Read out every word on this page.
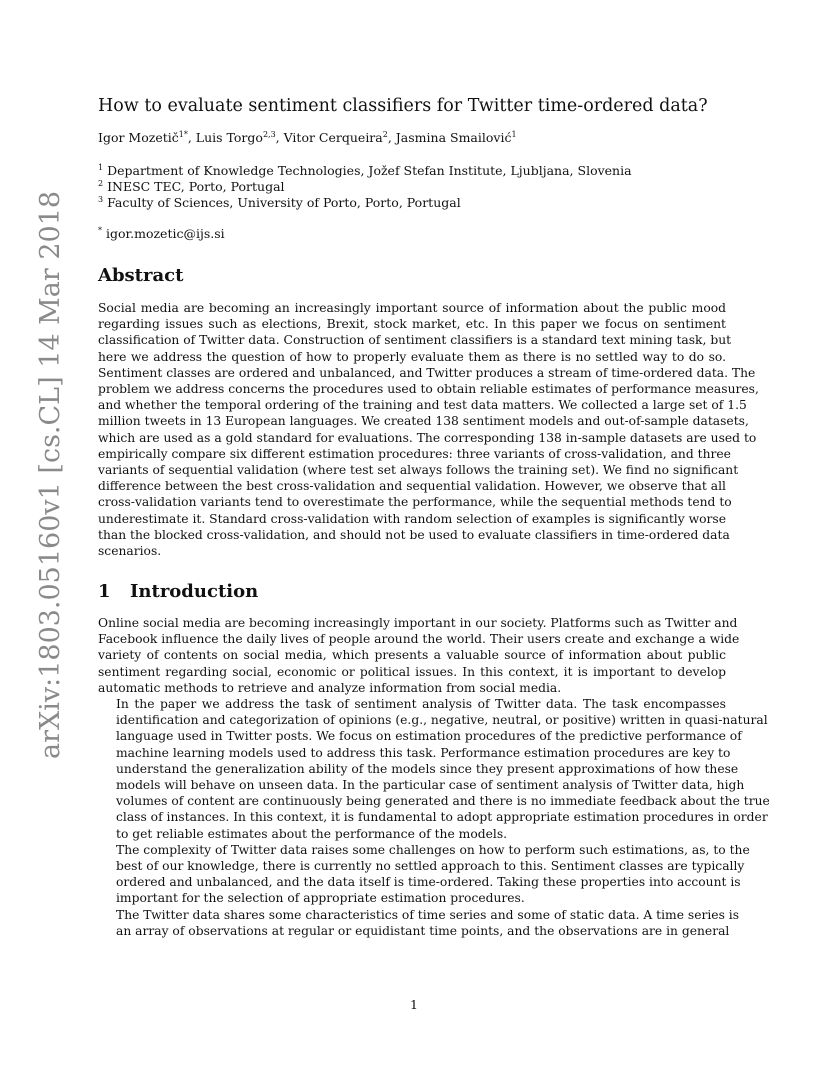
arXiv:1803.05160v1 [cs.CL] 14 Mar 2018
How to evaluate sentiment classifiers for Twitter time-ordered data?
Igor Mozetič$^{1*}$, Luis Torgo$^{2,3}$, Vitor Cerqueira$^2$, Jasmina Smailović$^1$
$^1$ Department of Knowledge Technologies, Jožef Stefan Institute, Ljubljana, Slovenia
$^2$ INESC TEC, Porto, Portugal
$^3$ Faculty of Sciences, University of Porto, Porto, Portugal
* igor.mozetic@ijs.si
Abstract
Social media are becoming an increasingly important source of information about the public mood
regarding issues such as elections, Brexit, stock market, etc. In this paper we focus on sentiment
classification of Twitter data. Construction of sentiment classifiers is a standard text mining task, but
here we address the question of how to properly evaluate them as there is no settled way to do so.
Sentiment classes are ordered and unbalanced, and Twitter produces a stream of time-ordered data. The
problem we address concerns the procedures used to obtain reliable estimates of performance measures,
and whether the temporal ordering of the training and test data matters. We collected a large set of 1.5
million tweets in 13 European languages. We created 138 sentiment models and out-of-sample datasets,
which are used as a gold standard for evaluations. The corresponding 138 in-sample datasets are used to
empirically compare six different estimation procedures: three variants of cross-validation, and three
variants of sequential validation (where test set always follows the training set). We find no significant
difference between the best cross-validation and sequential validation. However, we observe that all
cross-validation variants tend to overestimate the performance, while the sequential methods tend to
underestimate it. Standard cross-validation with random selection of examples is significantly worse
than the blocked cross-validation, and should not be used to evaluate classifiers in time-ordered data
scenarios.
1 Introduction

Online social media are becoming increasingly important in our society. Platforms such as Twitter and
Facebook influence the daily lives of people around the world. Their users create and exchange a wide
variety of contents on social media, which presents a valuable source of information about public
sentiment regarding social, economic or political issues. In this context, it is important to develop
automatic methods to retrieve and analyze information from social media.

In the paper we address the task of sentiment analysis of Twitter data. The task encompasses
identification and categorization of opinions (e.g., negative, neutral, or positive) written in quasi-natural
language used in Twitter posts. We focus on estimation procedures of the predictive performance of
machine learning models used to address this task. Performance estimation procedures are key to
understand the generalization ability of the models since they present approximations of how these
models will behave on unseen data. In the particular case of sentiment analysis of Twitter data, high
volumes of content are continuously being generated and there is no immediate feedback about the true
class of instances. In this context, it is fundamental to adopt appropriate estimation procedures in order
to get reliable estimates about the performance of the models.

The complexity of Twitter data raises some challenges on how to perform such estimations, as, to the
best of our knowledge, there is currently no settled approach to this. Sentiment classes are typically
ordered and unbalanced, and the data itself is time-ordered. Taking these properties into account is
important for the selection of appropriate estimation procedures.

The Twitter data shares some characteristics of time series and some of static data. A time series is
an array of observations at regular or equidistant time points, and the observations are in general

1
